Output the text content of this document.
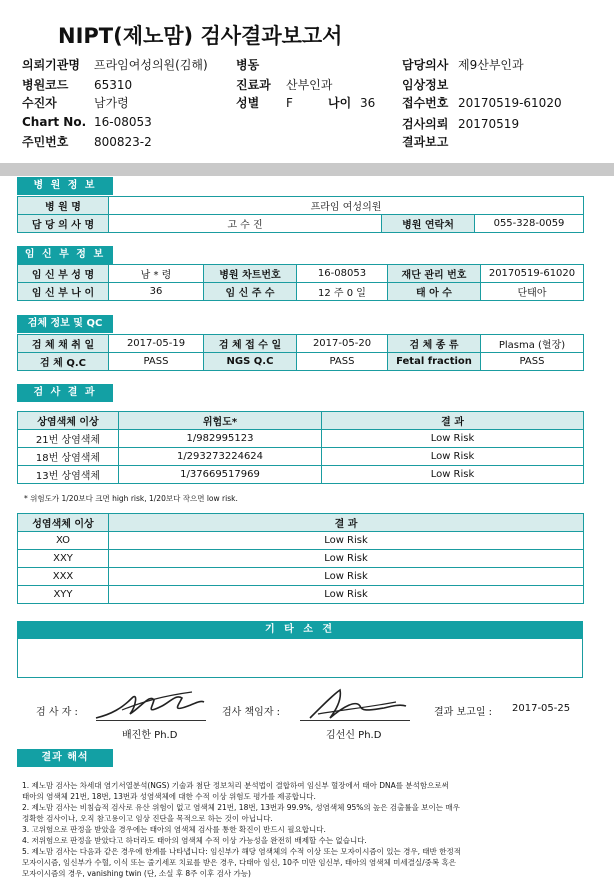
NIPT(제노맘) 검사결과보고서
의뢰기관명 프라임여성의원(김해)
병원코드 65310
수진자	남가령
Chart No. 16-08053
주민번호 800823-2
병동
진료과 산부인과
성별 F	나이 36
담당의사 제9산부인과
임상정보
접수번호 20170519-61020
검사의뢰 20170519
결과보고
병 원 정 보
병 원 명	프라임 여성의원		
담 당 의 사 명	고 수 진	병원 연락처	055-328-0059
임 신 부 정 보
임 신 부 성 명	남 * 령	병원 차트번호	16-08053	재단 관리 번호	20170519-61020
임 신 부 나 이	36	임 신 주 수	12 주 0 일	태 아 수	단태아
검체 정보 및 QC
검 체 채 취 일	2017-05-19	검 체 접 수 일	2017-05-20	검 체 종 류	Plasma (혈장)
검 체 Q.C	PASS	NGS Q.C	PASS	Fetal fraction	PASS
검 사 결 과
상염색체 이상	위험도*	결 과
21번 상염색체	1/982995123	Low Risk
18번 상염색체	1/293273224624	Low Risk
13번 상염색체	1/37669517969	Low Risk
* 위험도가 1/20보다 크면 high risk, 1/20보다 작으면 low risk.
성염색체 이상	결 과
XO	Low Risk
XXY	Low Risk
XXX	Low Risk
XYY	Low Risk
기 타 소 견
검 사 자 :
배진한 Ph.D
검사 책임자 :
김선신 Ph.D
결과 보고일 : 2017-05-25
결과 해석
1. 제노맘 검사는 차세대 염기서열분석(NGS) 기술과 첨단 정보처리 분석법이 결합하여 임신부 혈장에서 태아 DNA를 분석함으로써
태아의 염색체 21번, 18번, 13번과 성염색체에 대한 수적 이상 위험도 평가를 제공합니다.
2. 제노맘 검사는 비침습적 검사로 유산 위험이 없고 염색체 21번, 18번, 13번과 99.9%, 성염색체 95%의 높은 검출률을 보이는 매우
정확한 검사이나, 오직 참고용이고 임상 진단을 목적으로 하는 것이 아닙니다.
3. 고위험으로 판정을 받았을 경우에는 태아의 염색체 검사를 통한 확진이 반드시 필요합니다.
4. 저위험으로 판정을 받았다고 하더라도 태아의 염색체 수적 이상 가능성을 완전히 배제할 수는 없습니다.
5. 제노맘 검사는 다음과 같은 경우에 한계를 나타냅니다: 임신부가 해당 염색체의 수적 이상 또는 모자이시즘이 있는 경우, 태반 한정적
모자이시즘, 임신부가 수혈, 이식 또는 줄기세포 치료를 받은 경우, 다태아 임신, 10주 미만 임신부, 태아의 염색체 미세결실/중복 혹은
모자이시즘의 경우, vanishing twin (단, 소실 후 8주 이후 검사 가능)
